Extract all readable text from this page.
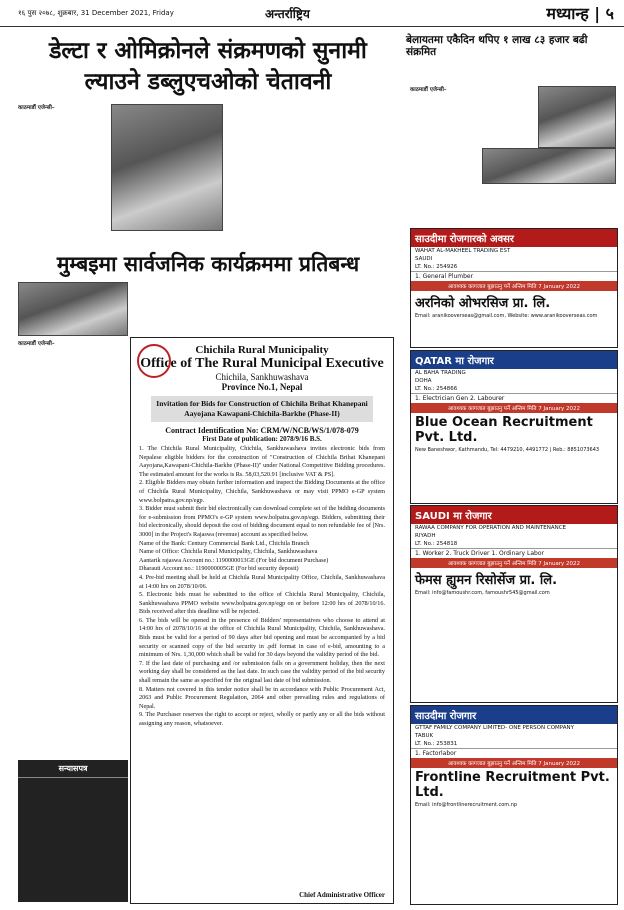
१६ पुस २०७८, शुक्रबार, 31 December 2021, Friday	अन्तर्राष्ट्रिय	मध्यान्ह | ५
डेल्टा र ओमिक्रोनले संक्रमणको सुनामी ल्याउने डब्लुएचओको चेतावनी
काठमाडौं एजेन्सी–
मुम्बइमा सार्वजनिक कार्यक्रममा प्रतिबन्ध
काठमाडौं एजेन्सी–	Chichila Rural Municipality
Office of The Rural Municipal Executive
Chichila, Sankhuwashava
Province No.1, Nepal
Invitation for Bids for Construction of Chichila Brihat Khanepani Aayojana Kawapani-Chichila-Barkhe (Phase-II)
Contract Identification No: CRM/W/NCB/WS/1/078-079
First Date of publication: 2078/9/16 B.S.
1. The Chichila Rural Municipality, Chichila, Sankhuwashava invites electronic bids from Nepalese eligible bidders for the construction of "Construction of Chichila Brihat Khanepani Aayojana,Kawapani-Chichila-Barkhe (Phase-II)" under National Competitive Bidding procedures. The estimated amount for the works is Rs. 58,03,520.91 [inclusive VAT & PS].
2. Eligible Bidders may obtain further information and inspect the Bidding Documents at the office of Chichila Rural Municipality, Chichila, Sankhuwashava or may visit PPMO e-GP system www.bolpatra.gov.np/egp.
3. Bidder must submit their bid electronically can download complete set of the bidding documents for e-submission from PPMO's e-GP system www.bolpatra.gov.np/egp. Bidders, submitting their bid electronically, should deposit the cost of bidding document equal to non refundable fee of [Nrs. 3000] in the Project's Rajaswa (revenue) account as specified below.
Name of the Bank: Century Commercial Bank Ltd., Chichila Branch
Name of Office: Chichila Rural Municipality, Chichila, Sankhuwashava
Aantarik rajaswa Account no.: 1190000013GE (For bid document Purchase)
Dharauti Account no.: 1190000005GE (For bid security deposit)
4. Pre-bid meeting shall be held at Chichila Rural Municipality Office, Chichila, Sankhuwashava at 14:00 hrs on 2078/10/06.
5. Electronic bids must be submitted to the office of Chichila Rural Municipality, Chichila, Sankhuwashava PPMO website www.bolpatra.gov.np/egp on or before 12:00 hrs of 2078/10/16. Bids received after this deadline will be rejected.
6. The bids will be opened in the presence of Bidders' representatives who choose to attend at 14:00 hrs of 2078/10/16 at the office of Chichila Rural Municipality, Chichila, Sankhuwashava. Bids must be valid for a period of 90 days after bid opening and must be accompanied by a bid security or scanned copy of the bid security in .pdf format in case of e-bid, amounting to a minimum of Nrs. 1,30,000 which shall be valid for 30 days beyond the validity period of the bid.
7. If the last date of purchasing and /or submission falls on a government holiday, then the next working day shall be considered as the last date. In such case the validity period of the bid security shall remain the same as specified for the original last date of bid submission.
8. Matters not covered in this tender notice shall be in accordance with Public Procurement Act, 2063 and Public Procurement Regulation, 2064 and other prevailing rules and regulations of Nepal.
9. The Purchaser reserves the right to accept or reject, wholly or partly any or all the bids without assigning any reason, whatsoever.
Chief Administrative Officer
सन्यासपत्र
बेलायतमा एकैदिन थपिए १ लाख ८३ हजार बढी संक्रमित
काठमाडौं एजेन्सी–
साउदीमा रोजगारको अवसर
WAHAT AL-MAKHEEL TRADING EST
SAUDI
LT. No.: 254926
1. General Plumber
आवश्यक कागजात बुझाउनु पर्ने अन्तिम मिति 7 January 2022
अरनिको ओभरसिज प्रा. लि.
Email: aranikooverseas@gmail.com, Website: www.aranikooverseas.com
QATAR मा रोजगार
AL BAHA TRADING
DOHA
LT. No.: 254866
1. Electrician Gen 2. Labourer
आवश्यक कागजात बुझाउनु पर्ने अन्तिम मिति 7 January 2022
Blue Ocean Recruitment Pvt. Ltd.
New Baneshwor, Kathmandu, Tel: 4479210, 4491772 | Reb.: 8851073643
SAUDI मा रोजगार
RAWAA COMPANY FOR OPERATION AND MAINTENANCE
RIYADH
LT. No.: 254818
1. Worker 2. Truck Driver 1. Ordinary Labor
आवश्यक कागजात बुझाउनु पर्ने अन्तिम मिति 7 January 2022
फेमस ह्युमन रिसोर्सेज प्रा. लि.
Email: info@famoushr.com, famoushr545@gmail.com
साउदीमा रोजगार
GTTAF FAMILY COMPANY LIMITED- ONE PERSON COMPANY
TABUK
LT. No.: 253831
1. Factorlabor
आवश्यक कागजात बुझाउनु पर्ने अन्तिम मिति 7 January 2022
Frontline Recruitment Pvt. Ltd.
Email: info@frontlinerecruitment.com.np
